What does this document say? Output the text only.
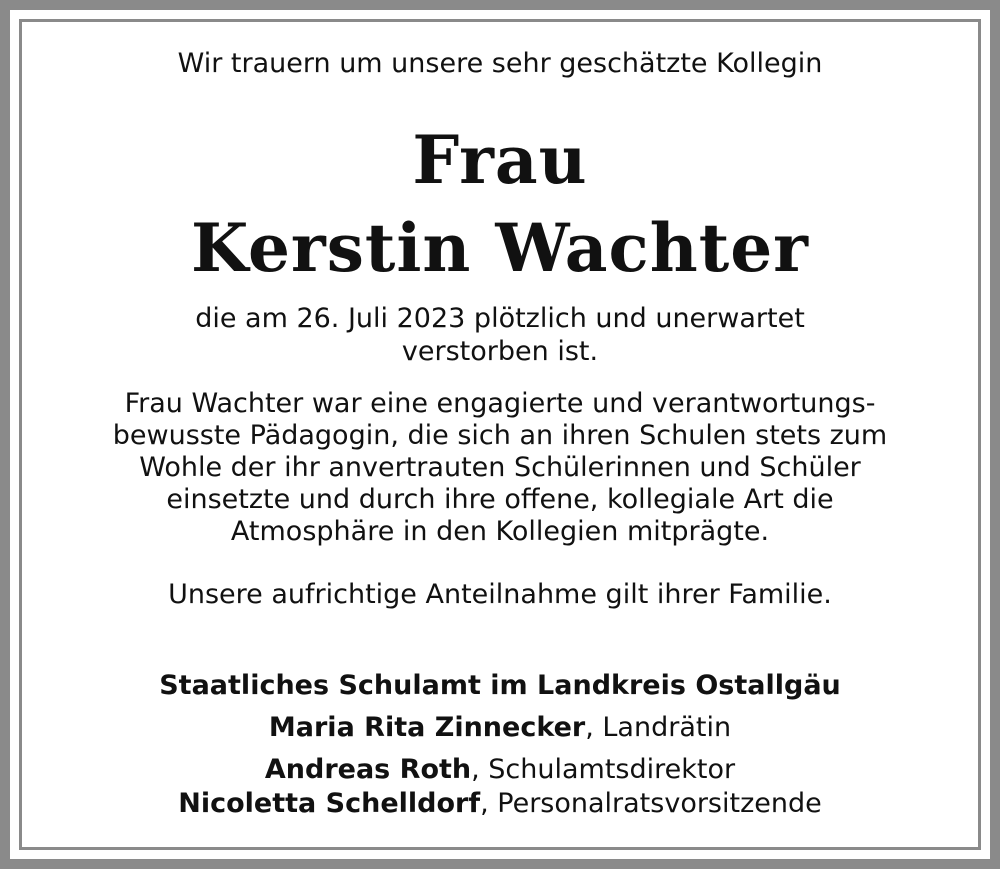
Wir trauern um unsere sehr geschätzte Kollegin
Frau
Kerstin Wachter
die am 26. Juli 2023 plötzlich und unerwartet
verstorben ist.
Frau Wachter war eine engagierte und verantwortungs-
bewusste Pädagogin, die sich an ihren Schulen stets zum
Wohle der ihr anvertrauten Schülerinnen und Schüler
einsetzte und durch ihre offene, kollegiale Art die
Atmosphäre in den Kollegien mitprägte.
Unsere aufrichtige Anteilnahme gilt ihrer Familie.
Staatliches Schulamt im Landkreis Ostallgäu
Maria Rita Zinnecker, Landrätin
Andreas Roth, Schulamtsdirektor
Nicoletta Schelldorf, Personalratsvorsitzende
